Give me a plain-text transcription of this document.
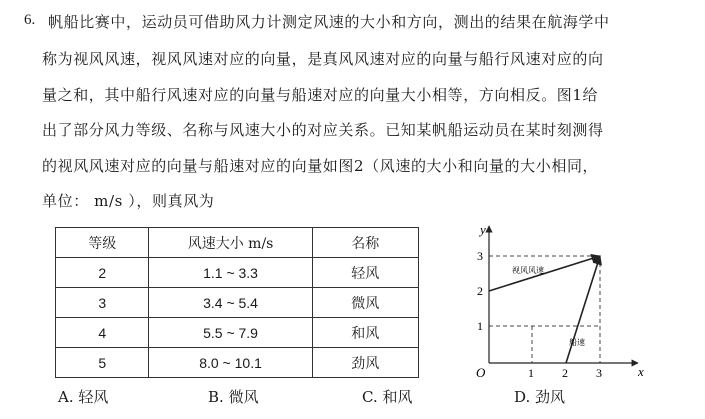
6. 帆船比赛中，运动员可借助风力计测定风速的大小和方向，测出的结果在航海学中
称为视风风速，视风风速对应的向量，是真风风速对应的向量与船行风速对应的向
量之和，其中船行风速对应的向量与船速对应的向量大小相等，方向相反。图1给
出了部分风力等级、名称与风速大小的对应关系。已知某帆船运动员在某时刻测得
的视风风速对应的向量与船速对应的向量如图2（风速的大小和向量的大小相同，
单位： m/s ），则真风为
等级	风速大小 m/s	名称
2	1.1 ~ 3.3	轻风
3	3.4 ~ 5.4	微风
4	5.5 ~ 7.9	和风
5	8.0 ~ 10.1	劲风
y
x
O	1 2 3
1
2
3
视风风速
船速
A. 轻风	B. 微风	C. 和风	D. 劲风
